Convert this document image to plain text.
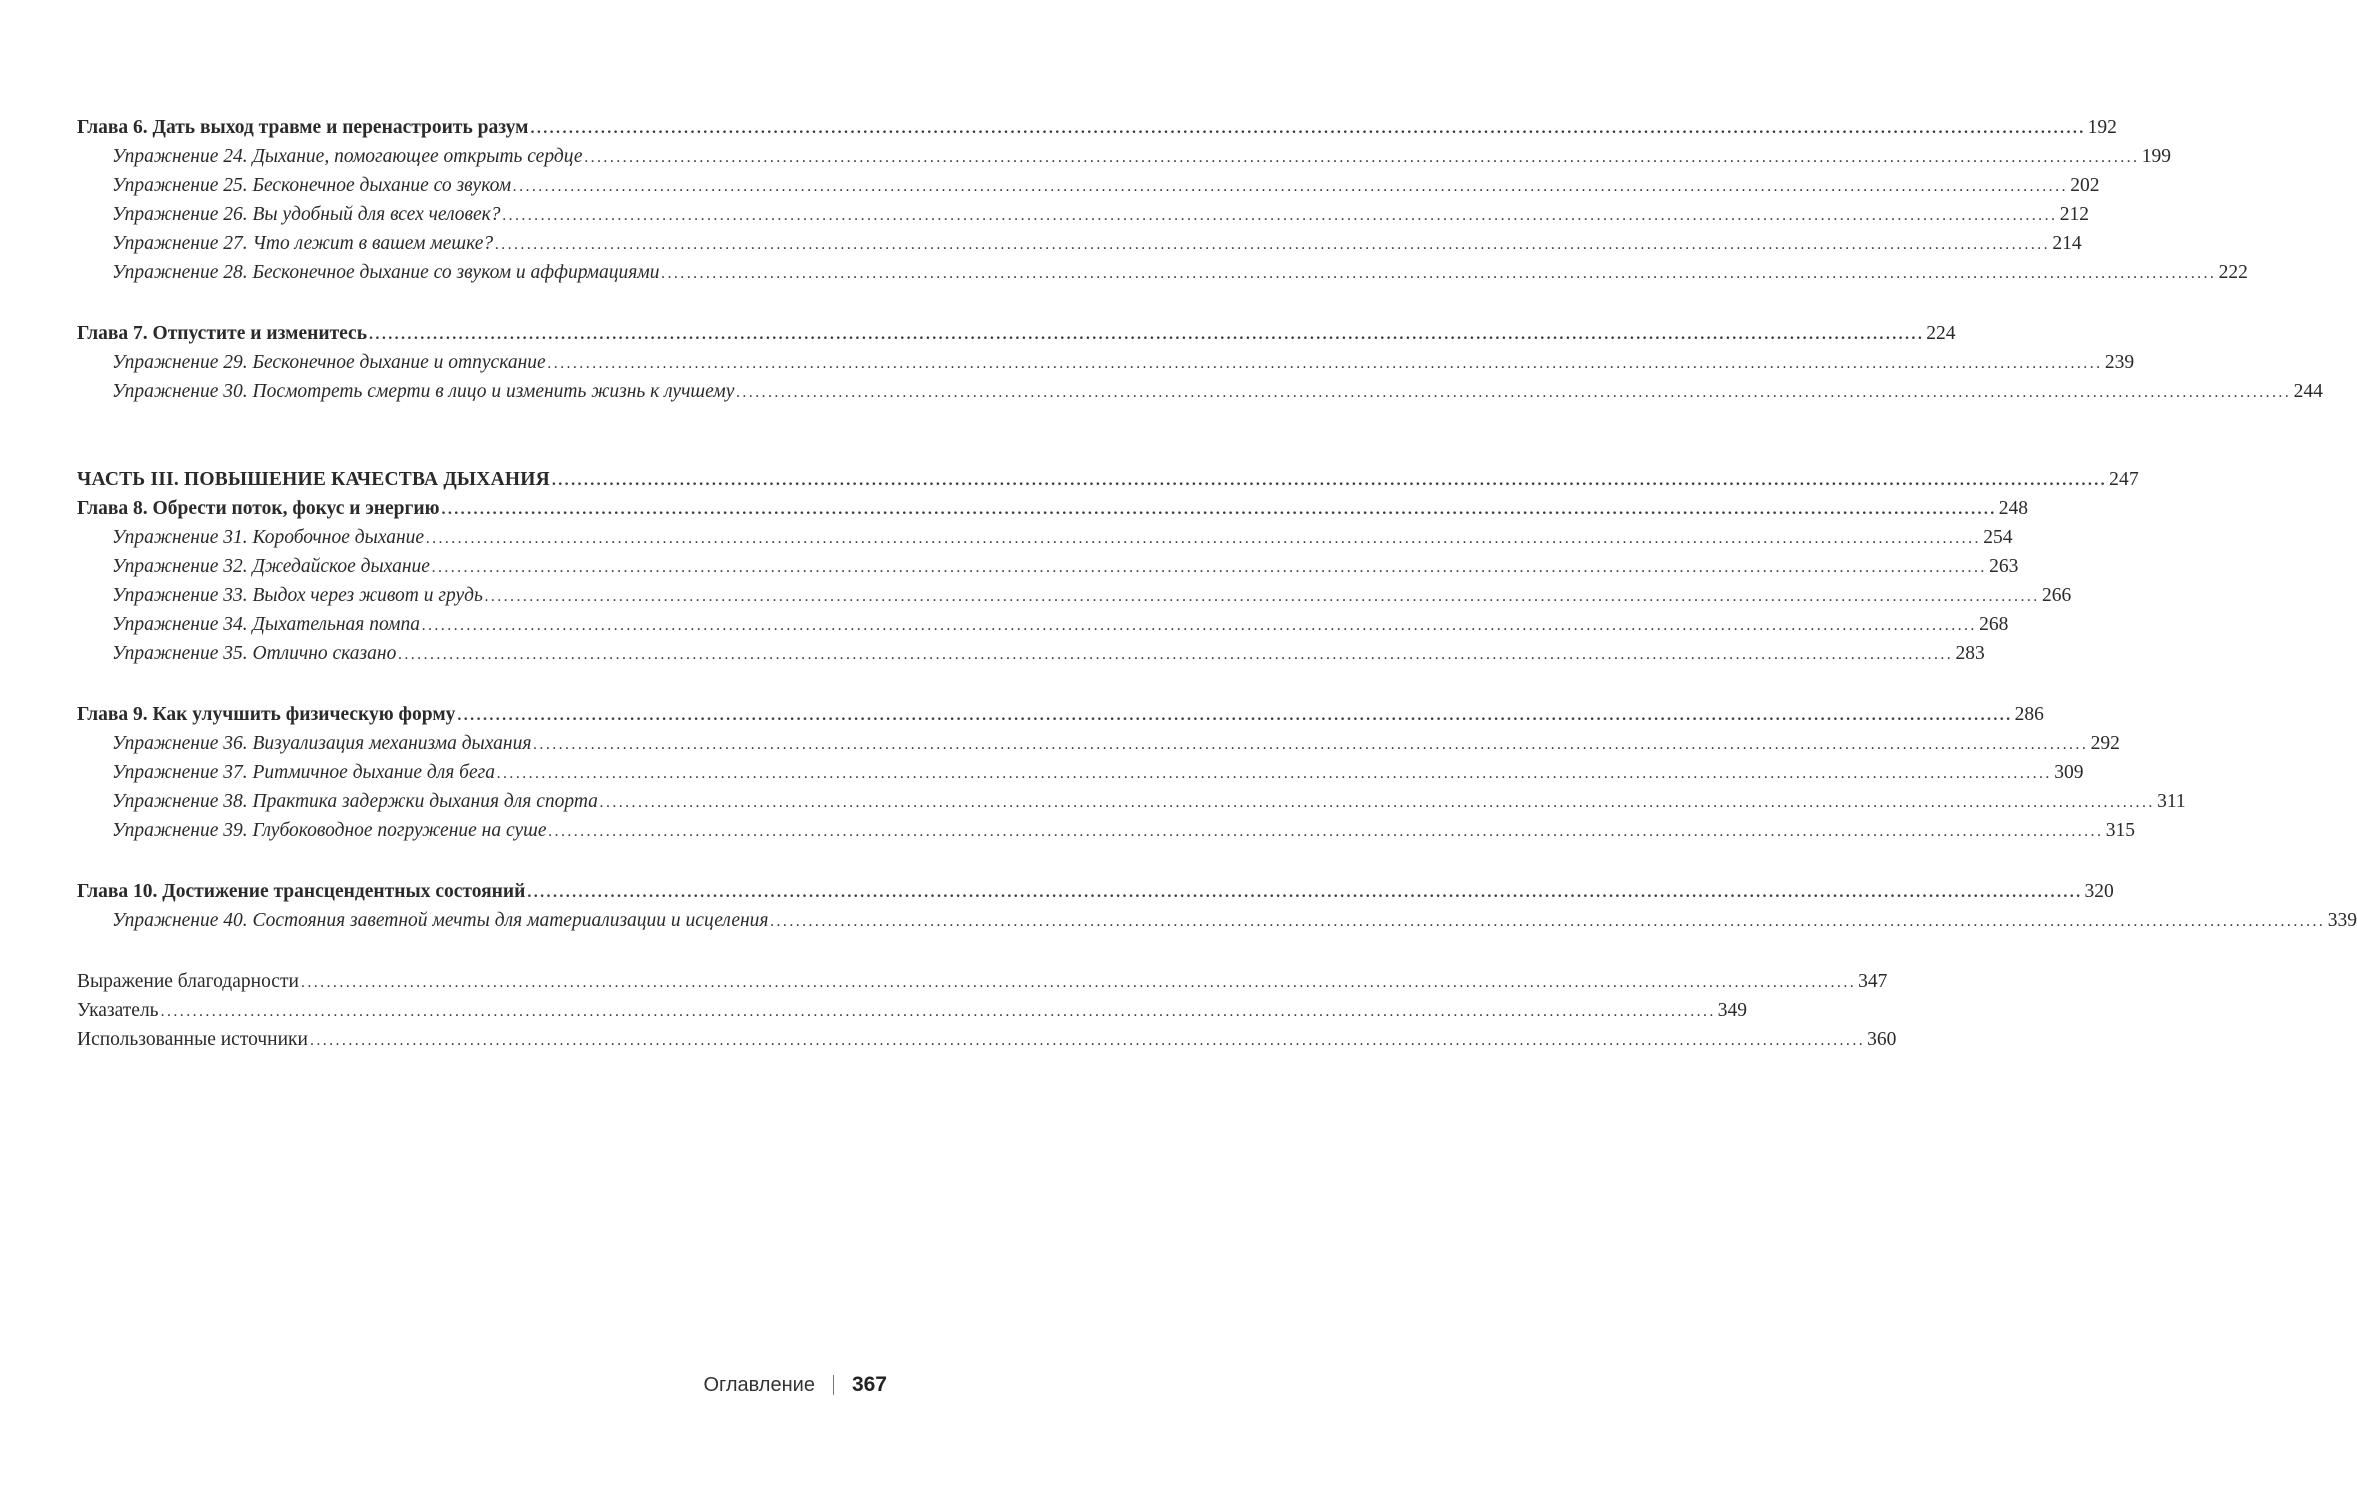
Глава 6. Дать выход травме и перенастроить разум .....	192
Упражнение 24. Дыхание, помогающее открыть сердце .....	199
Упражнение 25. Бесконечное дыхание со звуком .....	202
Упражнение 26. Вы удобный для всех человек? .....	212
Упражнение 27. Что лежит в вашем мешке? .....	214
Упражнение 28. Бесконечное дыхание со звуком и аффирмациями .....	222
Глава 7. Отпустите и изменитесь .....	224
Упражнение 29. Бесконечное дыхание и отпускание .....	239
Упражнение 30. Посмотреть смерти в лицо и изменить жизнь к лучшему .....	244
ЧАСТЬ III. ПОВЫШЕНИЕ КАЧЕСТВА ДЫХАНИЯ .....	247
Глава 8. Обрести поток, фокус и энергию .....	248
Упражнение 31. Коробочное дыхание .....	254
Упражнение 32. Джедайское дыхание .....	263
Упражнение 33. Выдох через живот и грудь .....	266
Упражнение 34. Дыхательная помпа .....	268
Упражнение 35. Отлично сказано .....	283
Глава 9. Как улучшить физическую форму .....	286
Упражнение 36. Визуализация механизма дыхания .....	292
Упражнение 37. Ритмичное дыхание для бега .....	309
Упражнение 38. Практика задержки дыхания для спорта .....	311
Упражнение 39. Глубоководное погружение на суше .....	315
Глава 10. Достижение трансцендентных состояний .....	320
Упражнение 40. Состояния заветной мечты для материализации и исцеления .....	339
Выражение благодарности .....	347
Указатель .....	349
Использованные источники .....	360
Оглавление 367
